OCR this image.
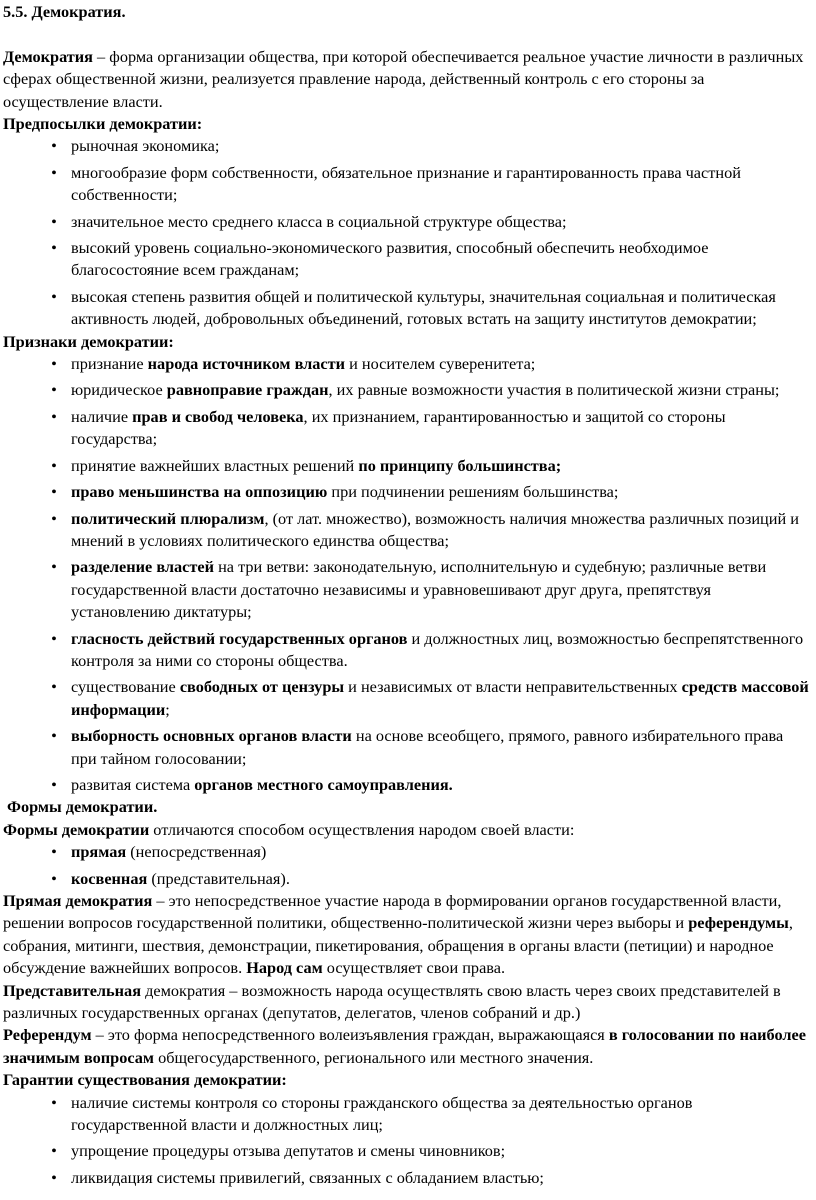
5.5. Демократия.

Демократия – форма организации общества, при которой обеспечивается реальное участие личности в различных сферах общественной жизни, реализуется правление народа, действенный контроль с его стороны за осуществление власти.

Предпосылки демократии:

•
рыночная экономика;
•
многообразие форм собственности, обязательное признание и гарантированность права частной собственности;
•
значительное место среднего класса в социальной структуре общества;
•
высокий уровень социально-экономического развития, способный обеспечить необходимое благосостояние всем гражданам;
•
высокая степень развития общей и политической культуры, значительная социальная и политическая активность людей, добровольных объединений, готовых встать на защиту институтов демократии;

Признаки демократии:

•
признание народа источником власти и носителем суверенитета;
•
юридическое равноправие граждан, их равные возможности участия в политической жизни страны;
•
наличие прав и свобод человека, их признанием, гарантированностью и защитой со стороны государства;
•
принятие важнейших властных решений по принципу большинства;
•
право меньшинства на оппозицию при подчинении решениям большинства;
•
политический плюрализм, (от лат. множество), возможность наличия множества различных позиций и мнений в условиях политического единства общества;
•
разделение властей на три ветви: законодательную, исполнительную и судебную; различные ветви государственной власти достаточно независимы и уравновешивают друг друга, препятствуя установлению диктатуры;
•
гласность действий государственных органов и должностных лиц, возможностью беспрепятственного контроля за ними со стороны общества.
•
существование свободных от цензуры и независимых от власти неправительственных средств массовой информации;
•
выборность основных органов власти на основе всеобщего, прямого, равного избирательного права при тайном голосовании;
•
развитая система органов местного самоуправления.

Формы демократии.

Формы демократии отличаются способом осуществления народом своей власти:

•
прямая (непосредственная)
•
косвенная (представительная).

Прямая демократия – это непосредственное участие народа в формировании органов государственной власти, решении вопросов государственной политики, общественно-политической жизни через выборы и референдумы, собрания, митинги, шествия, демонстрации, пикетирования, обращения в органы власти (петиции) и народное обсуждение важнейших вопросов. Народ сам осуществляет свои права.

Представительная демократия – возможность народа осуществлять свою власть через своих представителей в различных государственных органах (депутатов, делегатов, членов собраний и др.)

Референдум – это форма непосредственного волеизъявления граждан, выражающаяся в голосовании по наиболее значимым вопросам общегосударственного, регионального или местного значения.

Гарантии существования демократии:

•
наличие системы контроля со стороны гражданского общества за деятельностью органов государственной власти и должностных лиц;
•
упрощение процедуры отзыва депутатов и смены чиновников;
•
ликвидация системы привилегий, связанных с обладанием властью;
